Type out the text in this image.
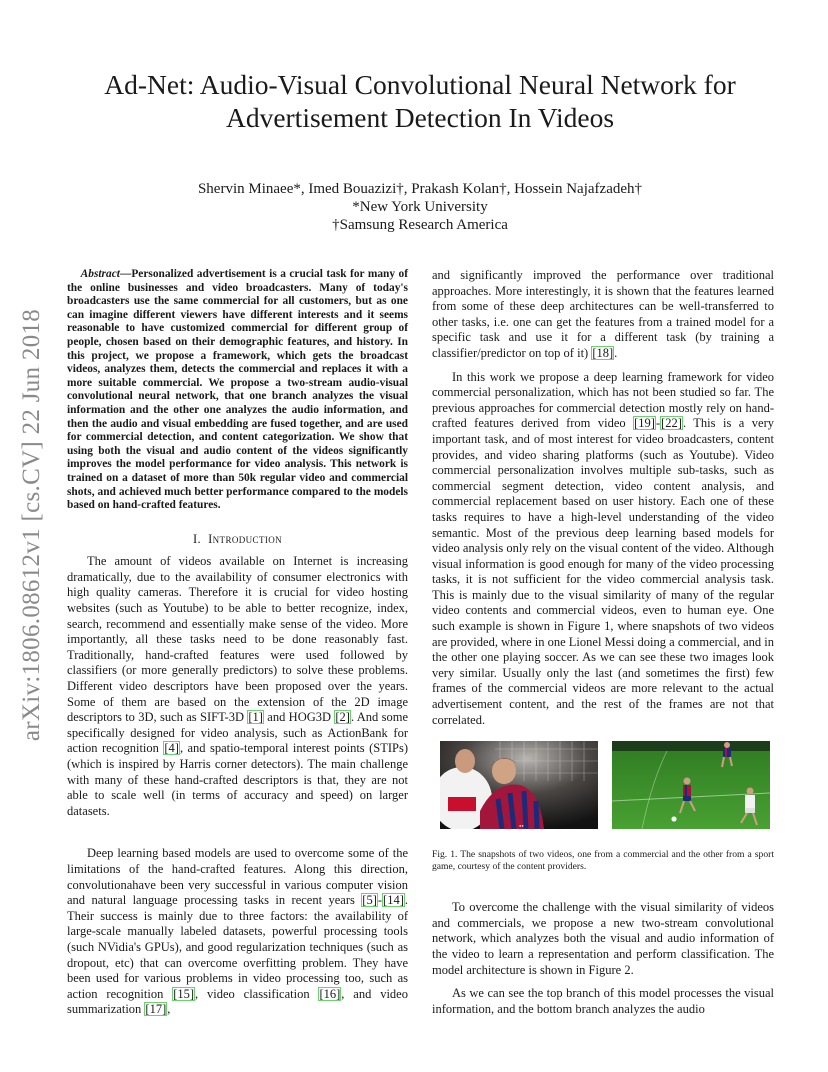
arXiv:1806.08612v1 [cs.CV] 22 Jun 2018
Ad-Net: Audio-Visual Convolutional Neural Network for
Advertisement Detection In Videos
Shervin Minaee*, Imed Bouazizi†, Prakash Kolan†, Hossein Najafzadeh†
*New York University
†Samsung Research America

Abstract—Personalized advertisement is a crucial task for many of the online businesses and video broadcasters. Many of today's broadcasters use the same commercial for all customers, but as one can imagine different viewers have different interests and it seems reasonable to have customized commercial for different group of people, chosen based on their demographic features, and history. In this project, we propose a framework, which gets the broadcast videos, analyzes them, detects the commercial and replaces it with a more suitable commercial. We propose a two-stream audio-visual convolutional neural network, that one branch analyzes the visual information and the other one analyzes the audio information, and then the audio and visual embedding are fused together, and are used for commercial detection, and content categorization. We show that using both the visual and audio content of the videos significantly improves the model performance for video analysis. This network is trained on a dataset of more than 50k regular video and commercial shots, and achieved much better performance compared to the models based on hand-crafted features.

I. Introduction

The amount of videos available on Internet is increasing dramatically, due to the availability of consumer electronics with high quality cameras. Therefore it is crucial for video hosting websites (such as Youtube) to be able to better recognize, index, search, recommend and essentially make sense of the video. More importantly, all these tasks need to be done reasonably fast. Traditionally, hand-crafted features were used followed by classifiers (or more generally predictors) to solve these problems. Different video descriptors have been proposed over the years. Some of them are based on the extension of the 2D image descriptors to 3D, such as SIFT-3D [1] and HOG3D [2]. And some specifically designed for video analysis, such as ActionBank for action recognition [4], and spatio-temporal interest points (STIPs) (which is inspired by Harris corner detectors). The main challenge with many of these hand-crafted descriptors is that, they are not able to scale well (in terms of accuracy and speed) on larger datasets.

Deep learning based models are used to overcome some of the limitations of the hand-crafted features. Along this direction, convolutionahave been very successful in various computer vision and natural language processing tasks in recent years [5]-[14]. Their success is mainly due to three factors: the availability of large-scale manually labeled datasets, powerful processing tools (such NVidia's GPUs), and good regularization techniques (such as dropout, etc) that can overcome overfitting problem. They have been used for various problems in video processing too, such as action recognition [15], video classification [16], and video summarization [17],

and significantly improved the performance over traditional approaches. More interestingly, it is shown that the features learned from some of these deep architectures can be well-transferred to other tasks, i.e. one can get the features from a trained model for a specific task and use it for a different task (by training a classifier/predictor on top of it) [18].

In this work we propose a deep learning framework for video commercial personalization, which has not been studied so far. The previous approaches for commercial detection mostly rely on hand-crafted features derived from video [19]-[22]. This is a very important task, and of most interest for video broadcasters, content provides, and video sharing platforms (such as Youtube). Video commercial personalization involves multiple sub-tasks, such as commercial segment detection, video content analysis, and commercial replacement based on user history. Each one of these tasks requires to have a high-level understanding of the video semantic. Most of the previous deep learning based models for video analysis only rely on the visual content of the video. Although visual information is good enough for many of the video processing tasks, it is not sufficient for the video commercial analysis task. This is mainly due to the visual similarity of many of the regular video contents and commercial videos, even to human eye. One such example is shown in Figure 1, where snapshots of two videos are provided, where in one Lionel Messi doing a commercial, and in the other one playing soccer. As we can see these two images look very similar. Usually only the last (and sometimes the first) few frames of the commercial videos are more relevant to the actual advertisement content, and the rest of the frames are not that correlated.

●●

Fig. 1. The snapshots of two videos, one from a commercial and the other from a sport game, courtesy of the content providers.

To overcome the challenge with the visual similarity of videos and commercials, we propose a new two-stream convolutional network, which analyzes both the visual and audio information of the video to learn a representation and perform classification. The model architecture is shown in Figure 2.

As we can see the top branch of this model processes the visual information, and the bottom branch analyzes the audio
